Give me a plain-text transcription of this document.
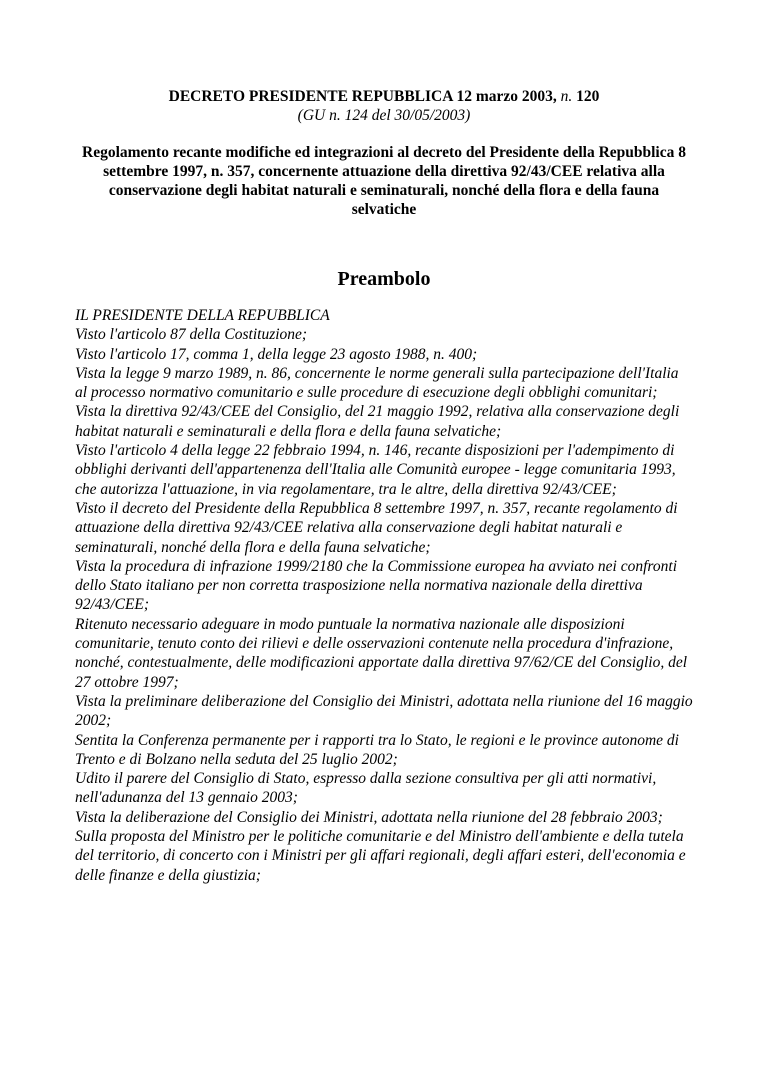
DECRETO PRESIDENTE REPUBBLICA 12 marzo 2003, n. 120
(GU n. 124 del 30/05/2003)
Regolamento recante modifiche ed integrazioni al decreto del Presidente della Repubblica 8 settembre 1997, n. 357, concernente attuazione della direttiva 92/43/CEE relativa alla conservazione degli habitat naturali e seminaturali, nonché della flora e della fauna selvatiche
Preambolo

IL PRESIDENTE DELLA REPUBBLICA

Visto l'articolo 87 della Costituzione;

Visto l'articolo 17, comma 1, della legge 23 agosto 1988, n. 400;

Vista la legge 9 marzo 1989, n. 86, concernente le norme generali sulla partecipazione dell'Italia al processo normativo comunitario e sulle procedure di esecuzione degli obblighi comunitari;

Vista la direttiva 92/43/CEE del Consiglio, del 21 maggio 1992, relativa alla conservazione degli habitat naturali e seminaturali e della flora e della fauna selvatiche;

Visto l'articolo 4 della legge 22 febbraio 1994, n. 146, recante disposizioni per l'adempimento di obblighi derivanti dell'appartenenza dell'Italia alle Comunità europee - legge comunitaria 1993, che autorizza l'attuazione, in via regolamentare, tra le altre, della direttiva 92/43/CEE;

Visto il decreto del Presidente della Repubblica 8 settembre 1997, n. 357, recante regolamento di attuazione della direttiva 92/43/CEE relativa alla conservazione degli habitat naturali e seminaturali, nonché della flora e della fauna selvatiche;

Vista la procedura di infrazione 1999/2180 che la Commissione europea ha avviato nei confronti dello Stato italiano per non corretta trasposizione nella normativa nazionale della direttiva 92/43/CEE;

Ritenuto necessario adeguare in modo puntuale la normativa nazionale alle disposizioni comunitarie, tenuto conto dei rilievi e delle osservazioni contenute nella procedura d'infrazione, nonché, contestualmente, delle modificazioni apportate dalla direttiva 97/62/CE del Consiglio, del 27 ottobre 1997;

Vista la preliminare deliberazione del Consiglio dei Ministri, adottata nella riunione del 16 maggio 2002;

Sentita la Conferenza permanente per i rapporti tra lo Stato, le regioni e le province autonome di Trento e di Bolzano nella seduta del 25 luglio 2002;

Udito il parere del Consiglio di Stato, espresso dalla sezione consultiva per gli atti normativi, nell'adunanza del 13 gennaio 2003;

Vista la deliberazione del Consiglio dei Ministri, adottata nella riunione del 28 febbraio 2003;

Sulla proposta del Ministro per le politiche comunitarie e del Ministro dell'ambiente e della tutela del territorio, di concerto con i Ministri per gli affari regionali, degli affari esteri, dell'economia e delle finanze e della giustizia;
